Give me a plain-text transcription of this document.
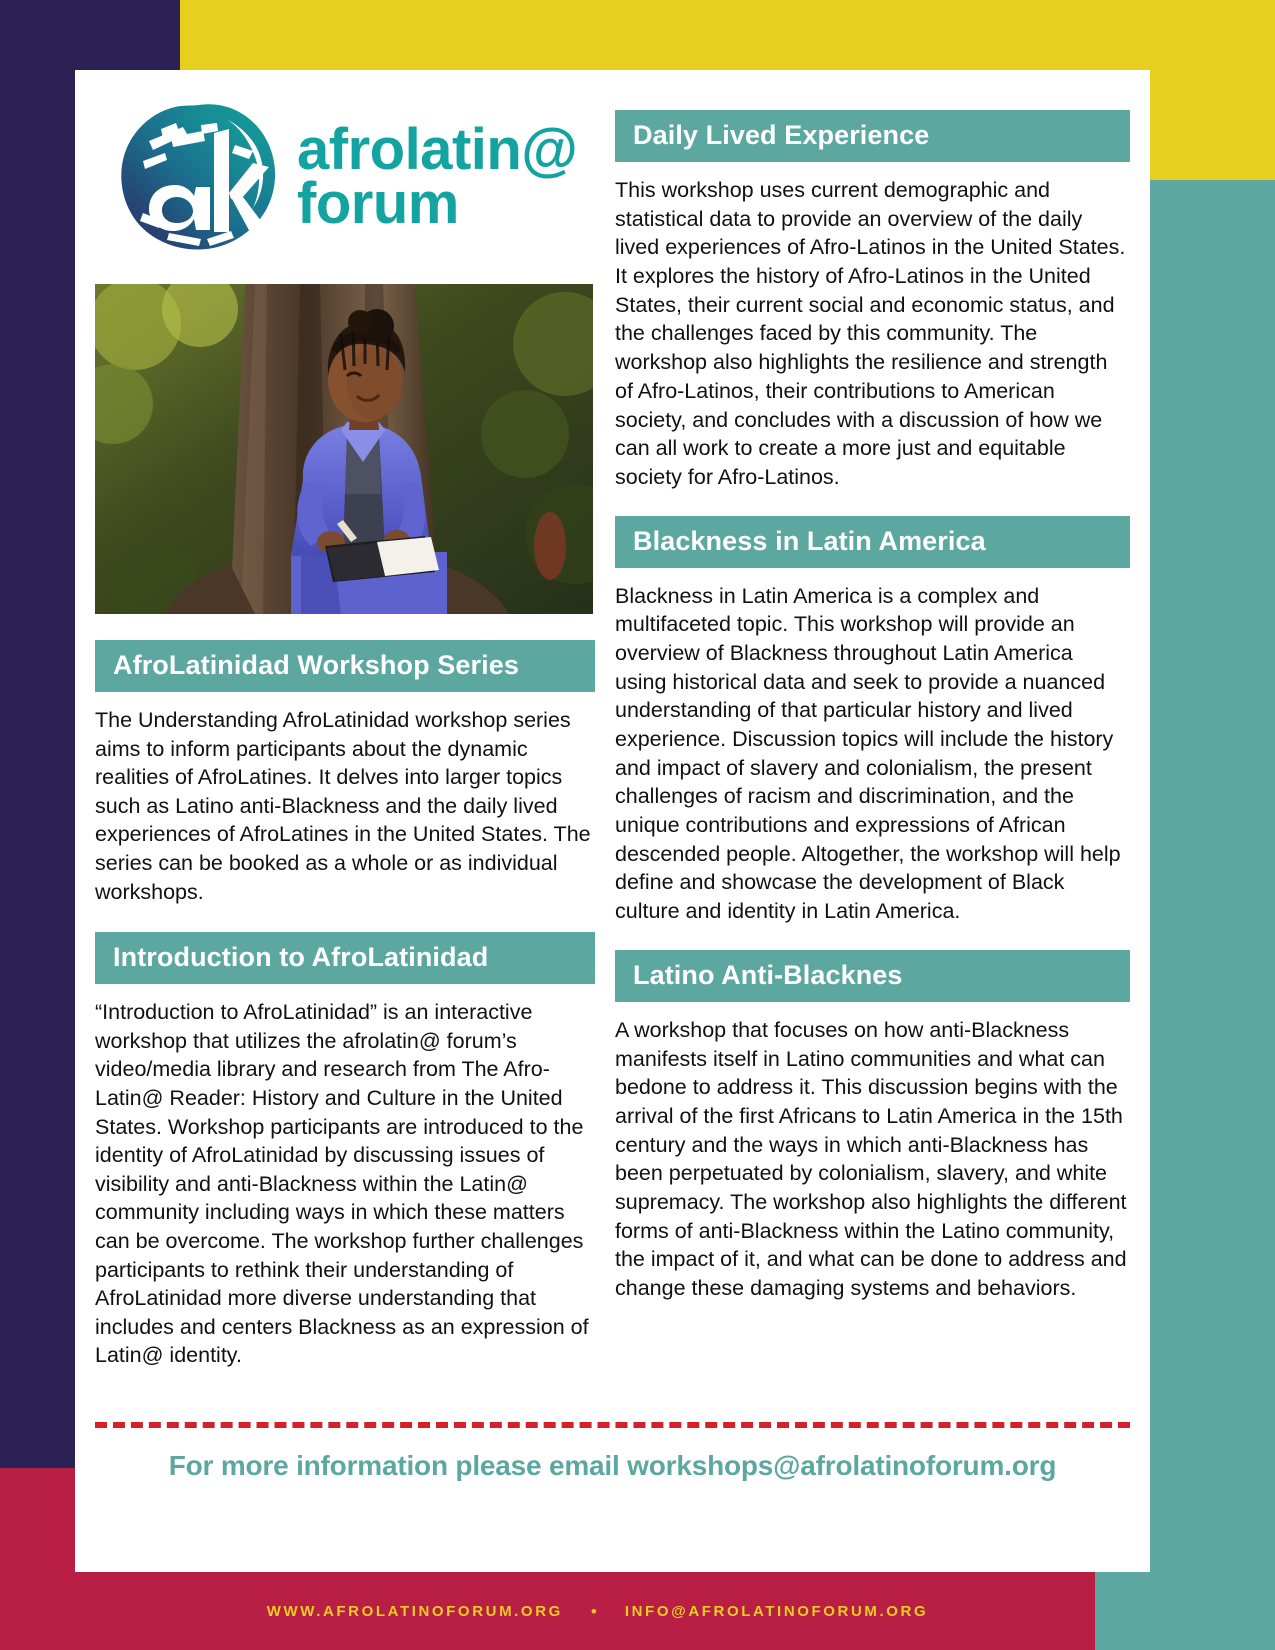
afrolatin@
forum
AfroLatinidad Workshop Series

The Understanding AfroLatinidad workshop series aims to inform participants about the dynamic realities of AfroLatines. It delves into larger topics such as Latino anti-Blackness and the daily lived experiences of AfroLatines in the United States. The series can be booked as a whole or as individual workshops.

Introduction to AfroLatinidad

“Introduction to AfroLatinidad” is an interactive workshop that utilizes the afrolatin@ forum’s video/media library and research from The Afro-Latin@ Reader: History and Culture in the United States. Workshop participants are introduced to the identity of AfroLatinidad by discussing issues of visibility and anti-Blackness within the Latin@ community including ways in which these matters can be overcome. The workshop further challenges participants to rethink their understanding of AfroLatinidad more diverse understanding that includes and centers Blackness as an expression of Latin@ identity.

Daily Lived Experience

This workshop uses current demographic and statistical data to provide an overview of the daily lived experiences of Afro-Latinos in the United States. It explores the history of Afro-Latinos in the United States, their current social and economic status, and the challenges faced by this community. The workshop also highlights the resilience and strength of Afro-Latinos, their contributions to American society, and concludes with a discussion of how we can all work to create a more just and equitable society for Afro-Latinos.

Blackness in Latin America

Blackness in Latin America is a complex and multifaceted topic. This workshop will provide an overview of Blackness throughout Latin America using historical data and seek to provide a nuanced understanding of that particular history and lived experience. Discussion topics will include the history and impact of slavery and colonialism, the present challenges of racism and discrimination, and the unique contributions and expressions of African descended people. Altogether, the workshop will help define and showcase the development of Black culture and identity in Latin America.

Latino Anti-Blacknes

A workshop that focuses on how anti-Blackness manifests itself in Latino communities and what can bedone to address it. This discussion begins with the arrival of the first Africans to Latin America in the 15th century and the ways in which anti-Blackness has been perpetuated by colonialism, slavery, and white supremacy. The workshop also highlights the different forms of anti-Blackness within the Latino community, the impact of it, and what can be done to address and change these damaging systems and behaviors.

For more information please email workshops@afrolatinoforum.org
WWW.AFROLATINOFORUM.ORG • INFO@AFROLATINOFORUM.ORG
